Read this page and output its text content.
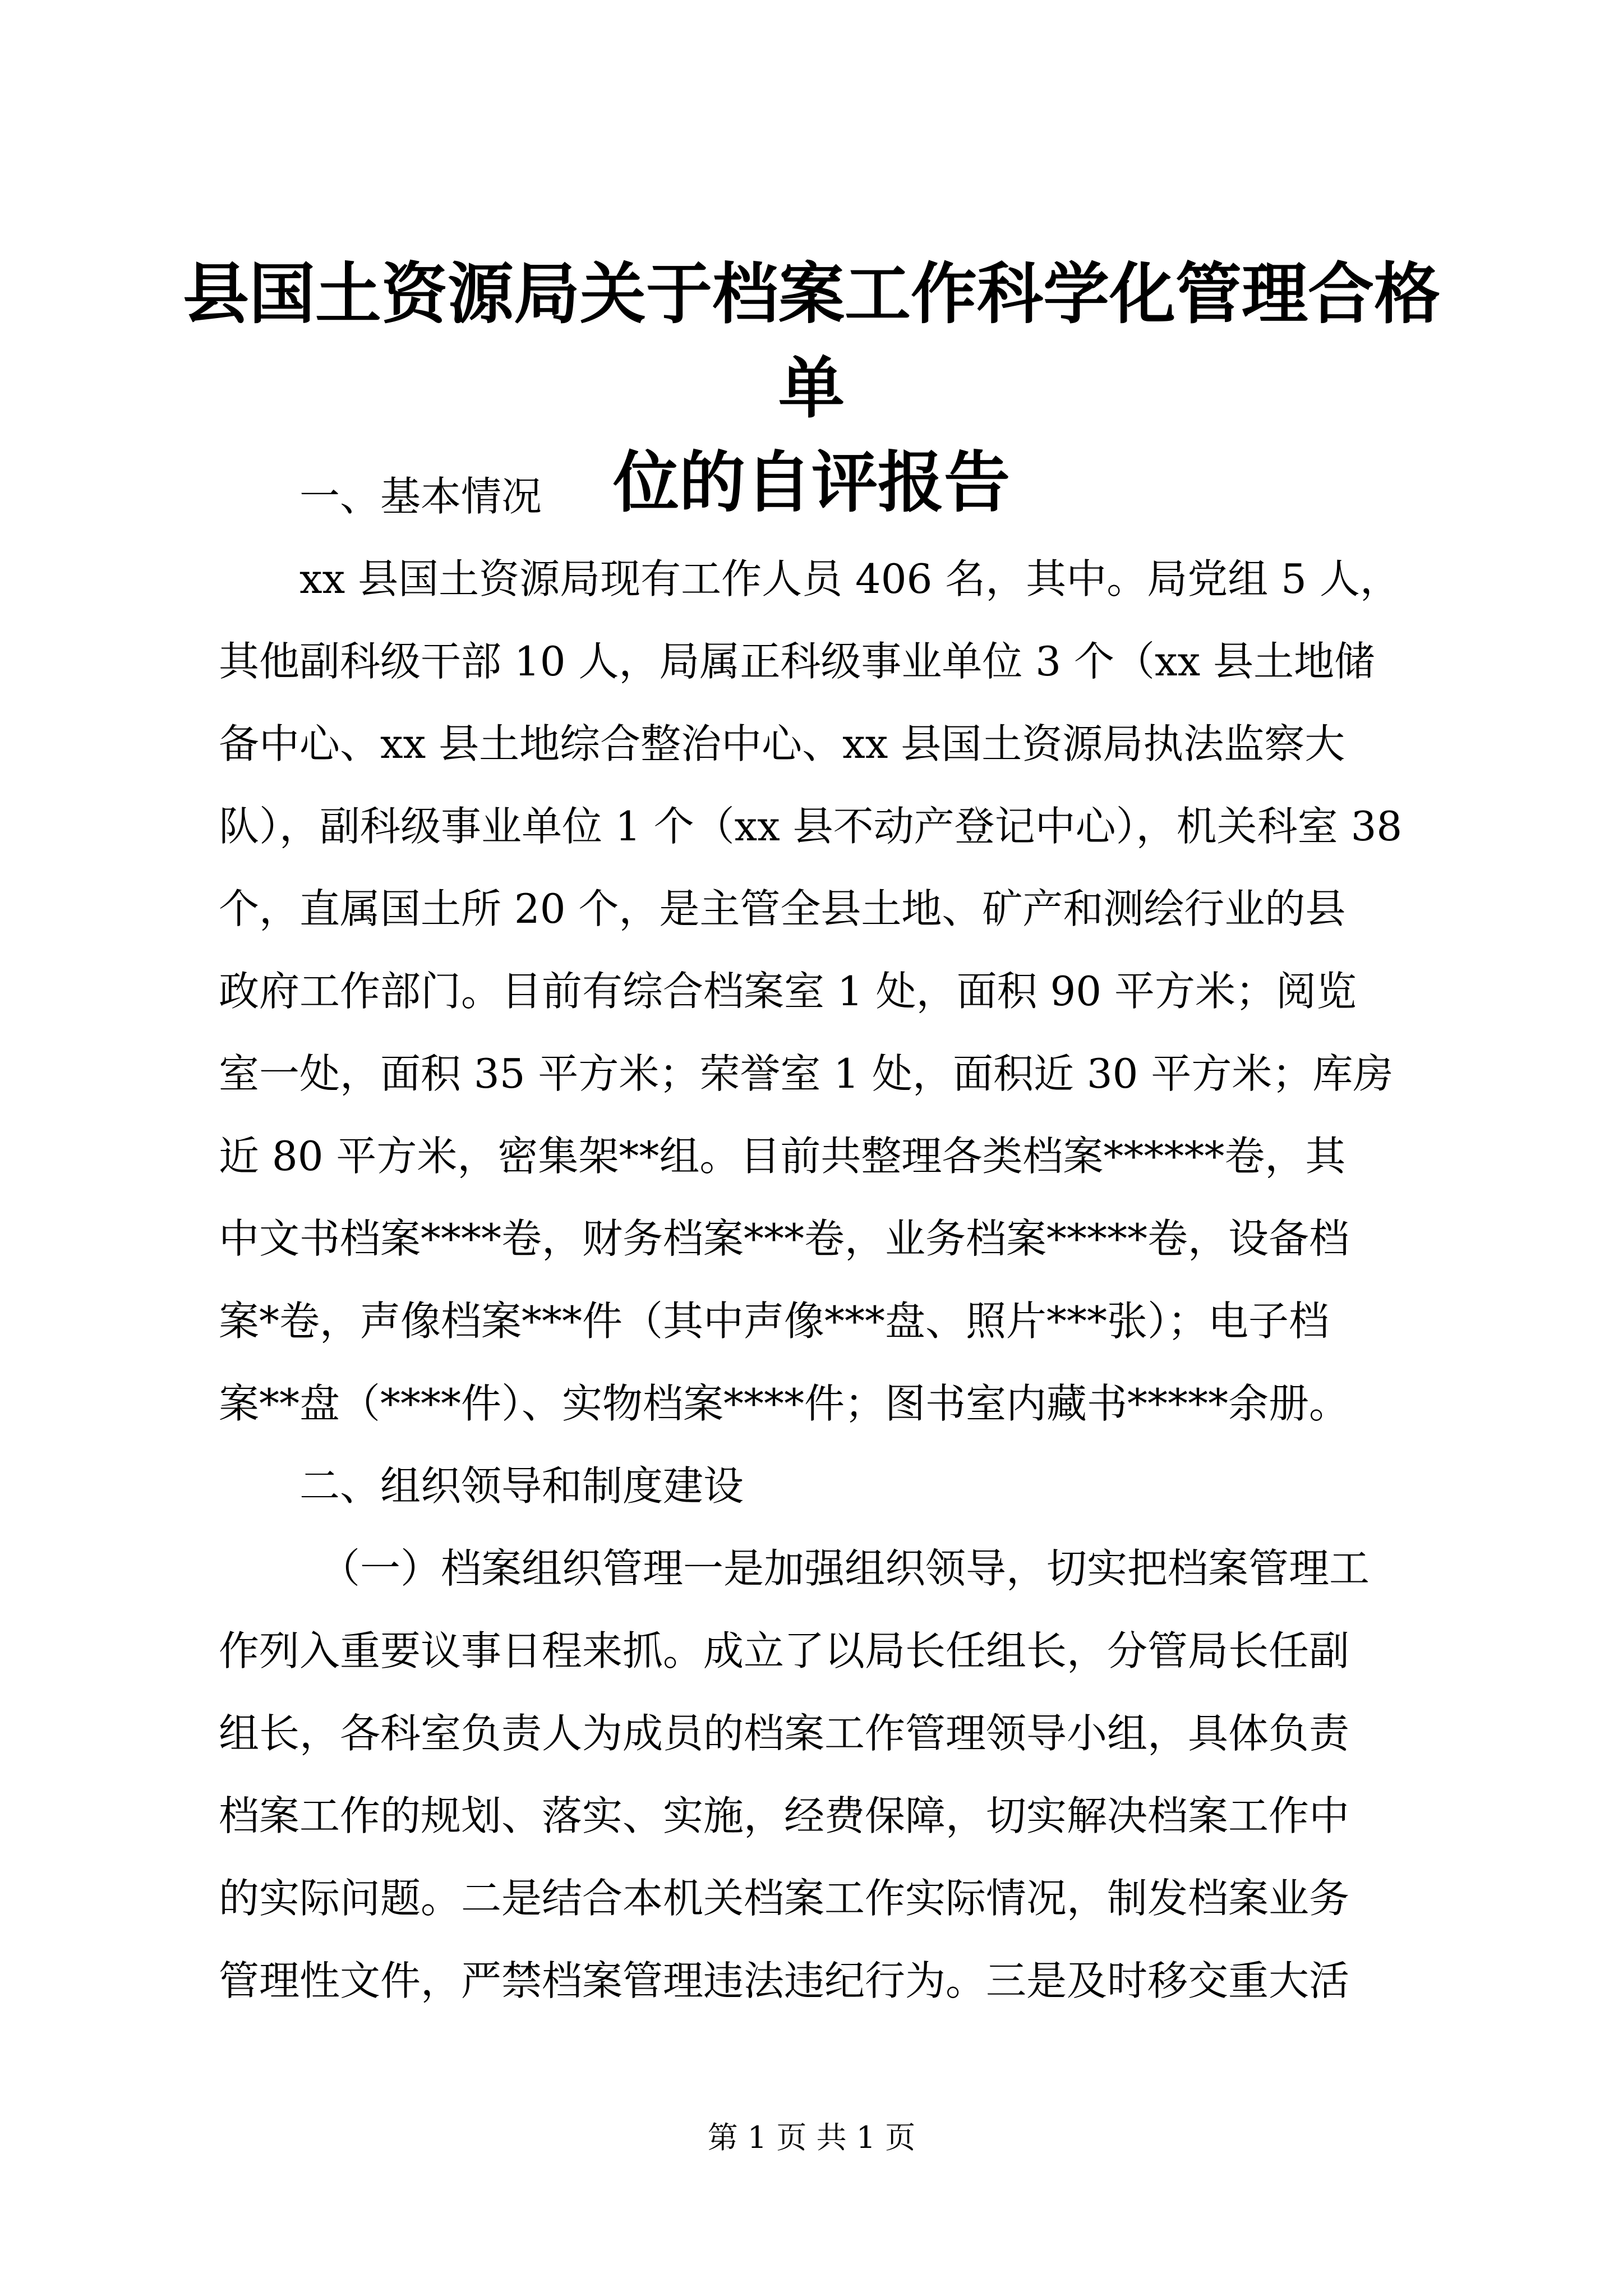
县国土资源局关于档案工作科学化管理合格单
位的自评报告
一、基本情况
xx 县国土资源局现有工作人员 406 名，其中。局党组 5 人，
其他副科级干部 10 人，局属正科级事业单位 3 个（xx 县土地储
备中心、xx 县土地综合整治中心、xx 县国土资源局执法监察大
队），副科级事业单位 1 个（xx 县不动产登记中心），机关科室 38
个，直属国土所 20 个，是主管全县土地、矿产和测绘行业的县
政府工作部门。目前有综合档案室 1 处，面积 90 平方米；阅览
室一处，面积 35 平方米；荣誉室 1 处，面积近 30 平方米；库房
近 80 平方米，密集架**组。目前共整理各类档案******卷，其
中文书档案****卷，财务档案***卷，业务档案*****卷，设备档
案*卷，声像档案***件（其中声像***盘、照片***张）；电子档
案**盘（****件）、实物档案****件；图书室内藏书*****余册。
二、组织领导和制度建设
（一）档案组织管理一是加强组织领导，切实把档案管理工
作列入重要议事日程来抓。成立了以局长任组长，分管局长任副
组长，各科室负责人为成员的档案工作管理领导小组，具体负责
档案工作的规划、落实、实施，经费保障，切实解决档案工作中
的实际问题。二是结合本机关档案工作实际情况，制发档案业务
管理性文件，严禁档案管理违法违纪行为。三是及时移交重大活
第 1 页 共 1 页
